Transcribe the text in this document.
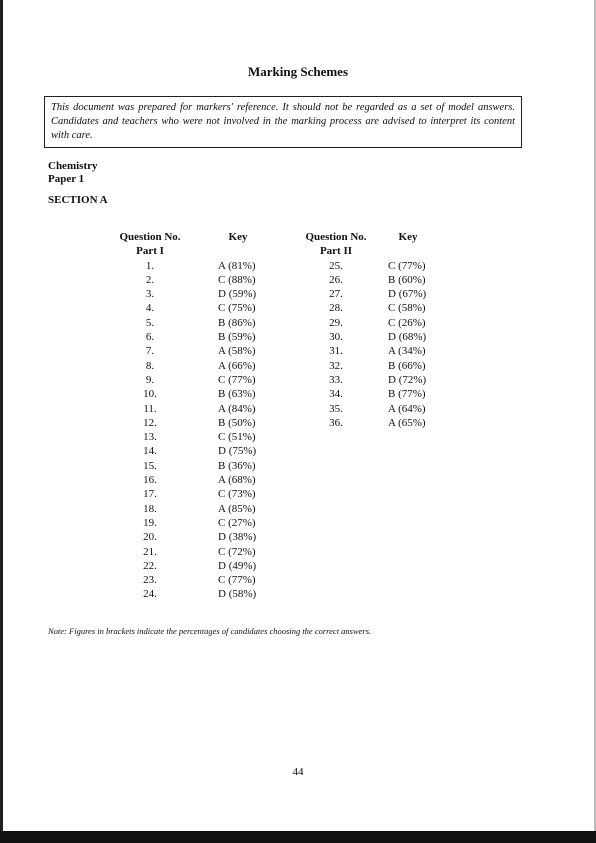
Marking Schemes
This document was prepared for markers' reference. It should not be regarded as a set of model answers. Candidates and teachers who were not involved in the marking process are advised to interpret its content with care.
Chemistry
Paper 1
SECTION A
Question No.
Part I
1.
2.
3.
4.
5.
6.
7.
8.
9.
10.
11.
12.
13.
14.
15.
16.
17.
18.
19.
20.
21.
22.
23.
24.
Key
A (81%)
C (88%)
D (59%)
C (75%)
B (86%)
B (59%)
A (58%)
A (66%)
C (77%)
B (63%)
A (84%)
B (50%)
C (51%)
D (75%)
B (36%)
A (68%)
C (73%)
A (85%)
C (27%)
D (38%)
C (72%)
D (49%)
C (77%)
D (58%)
Question No.
Part II
25.
26.
27.
28.
29.
30.
31.
32.
33.
34.
35.
36.
Key
C (77%)
B (60%)
D (67%)
C (58%)
C (26%)
D (68%)
A (34%)
B (66%)
D (72%)
B (77%)
A (64%)
A (65%)
Note: Figures in brackets indicate the percentages of candidates choosing the correct answers.
44
